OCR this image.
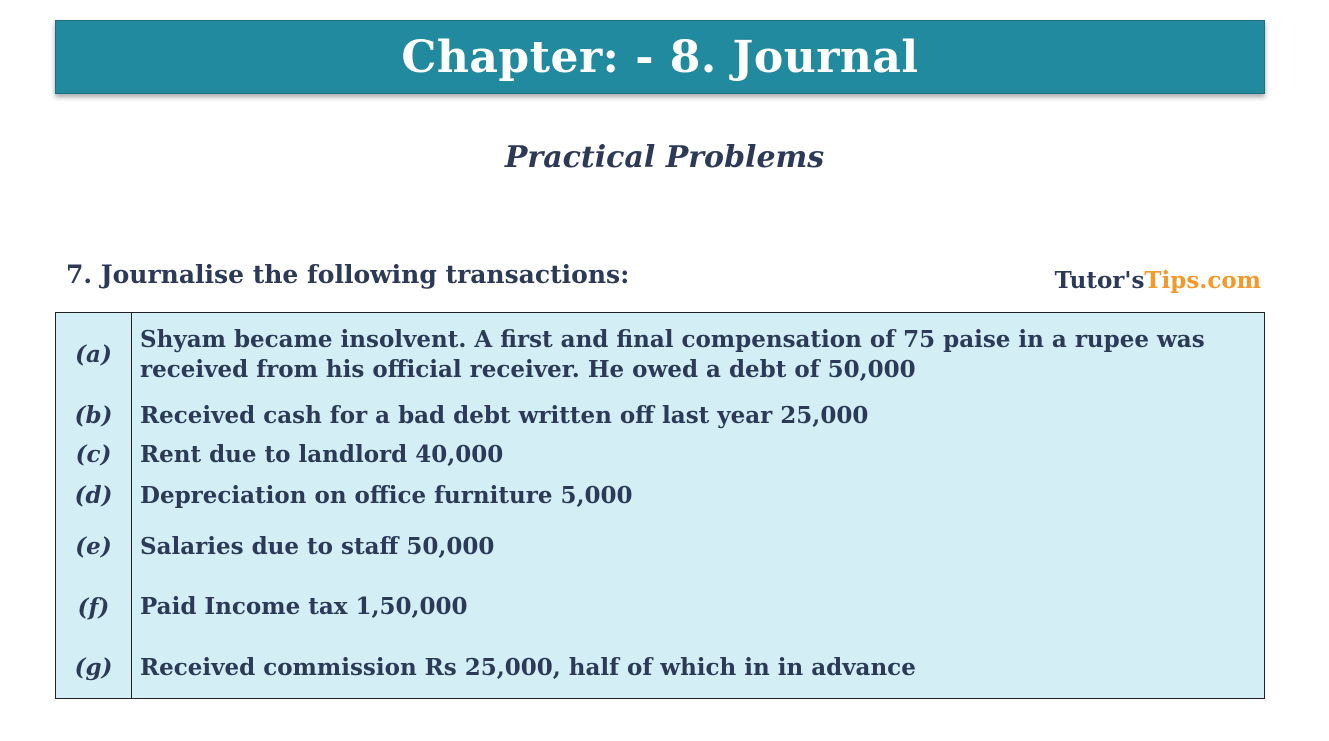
Chapter: - 8. Journal
Practical Problems

7. Journalise the following transactions:	Tutor'sTips.com

(a)	Shyam became insolvent. A first and final compensation of 75 paise in a rupee was received from his official receiver. He owed a debt of 50,000
(b)	Received cash for a bad debt written off last year 25,000
(c)	Rent due to landlord 40,000
(d)	Depreciation on office furniture 5,000
(e)	Salaries due to staff 50,000
(f)	Paid Income tax 1,50,000
(g)	Received commission Rs 25,000, half of which in in advance
